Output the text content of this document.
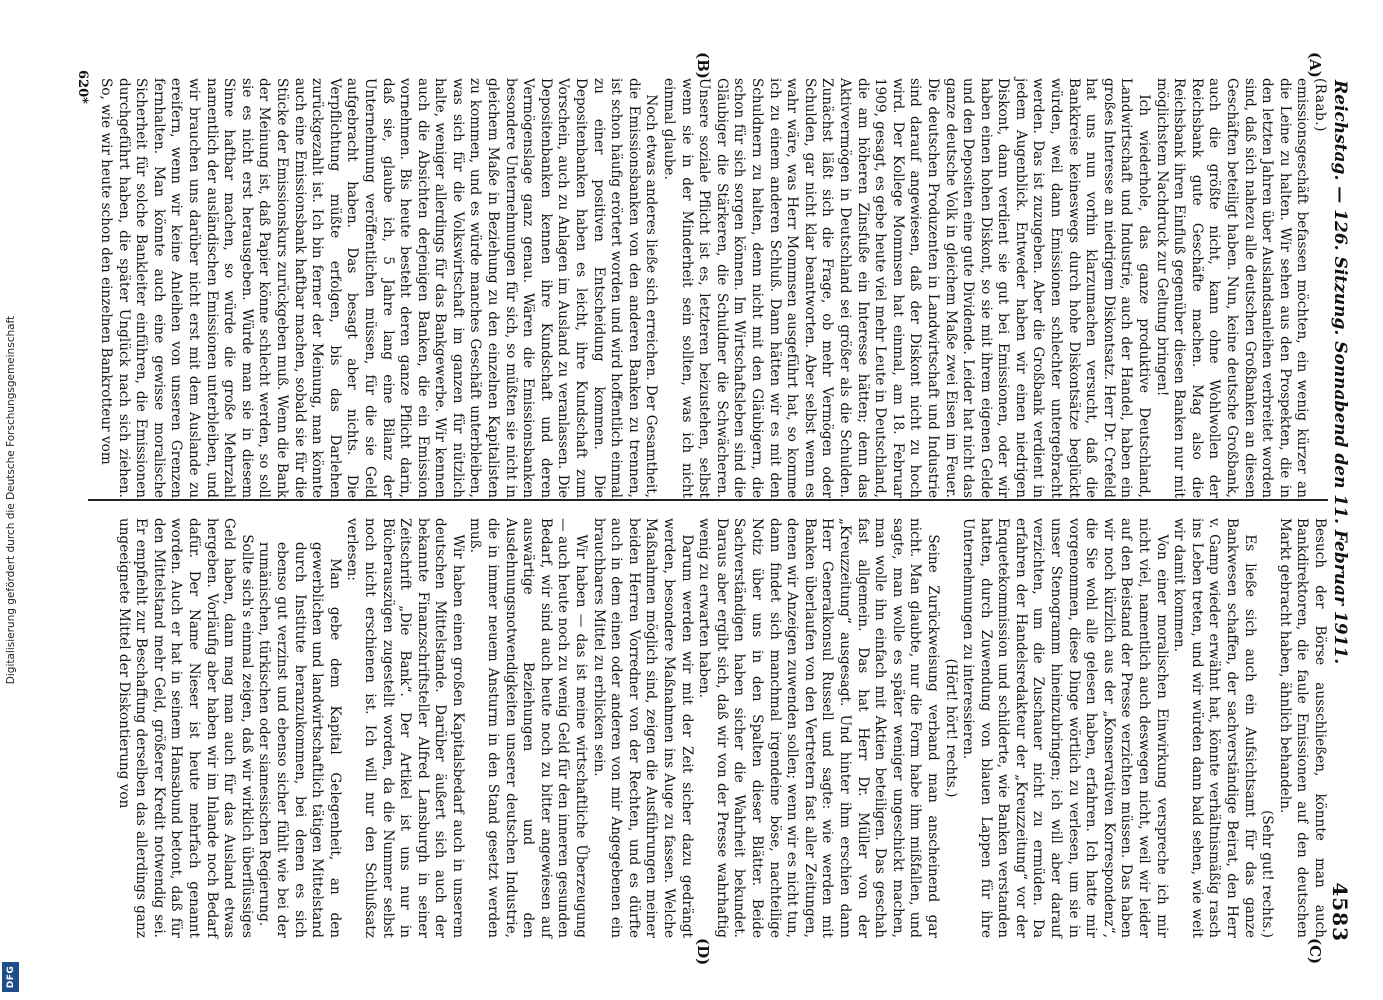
Digitalisierung gefördert durch die Deutsche Forschungsgemeinschaft
DFG
Reichstag. — 126. Sitzung. Sonnabend den 11. Februar 1911.
4583
(A)
(B)
(C)
(D)

(Raab.)

emissionsgeschäft befassen möchten, ein wenig kürzer an die Leine zu halten. Wir sehen aus den Prospekten, die in den letzten Jahren über Auslandsanleihen verbreitet worden sind, daß sich nahezu alle deutschen Großbanken an diesen Geschäften beteiligt haben. Nun, keine deutsche Großbank, auch die größte nicht, kann ohne Wohlwollen der Reichsbank gute Geschäfte machen. Mag also die Reichsbank ihren Einfluß gegenüber diesen Banken nur mit möglichstem Nachdruck zur Geltung bringen!

Ich wiederhole, das ganze produktive Deutschland, Landwirtschaft und Industrie, auch der Handel, haben ein großes Interesse an niedrigem Diskontsatz. Herr Dr. Crefeld hat uns nun vorhin klarzumachen versucht, daß die Bankkreise keineswegs durch hohe Diskontsätze beglückt würden, weil dann Emissionen schlechter untergebracht werden. Das ist zuzugeben. Aber die Großbank verdient in jedem Augenblick. Entweder haben wir einen niedrigen Diskont, dann verdient sie gut bei Emissionen, oder wir haben einen hohen Diskont, so sie mit ihrem eigenen Gelde und den Depositen eine gute Dividende. Leider hat nicht das ganze deutsche Volk in gleichem Maße zwei Eisen im Feuer. Die deutschen Produzenten in Landwirtschaft und Industrie sind darauf angewiesen, daß der Diskont nicht zu hoch wird. Der Kollege Mommsen hat einmal, am 18. Februar 1909, gesagt, es gebe heute viel mehr Leute in Deutschland, die am höheren Zinsfuße ein Interesse hätten; denn das Aktivvermögen in Deutschland sei größer als die Schulden. Zunächst läßt sich die Frage, ob mehr Vermögen oder Schulden, gar nicht klar beantworten. Aber selbst wenn es wahr wäre, was Herr Mommsen ausgeführt hat, so komme ich zu einem anderen Schluß. Dann hätten wir es mit den Schuldnern zu halten, denn nicht mit den Gläubigern, die schon für sich sorgen können. Im Wirtschaftsleben sind die Gläubiger die Stärkeren, die Schuldner die Schwächeren. Unsere soziale Pflicht ist es, letzteren beizustehen, selbst wenn sie in der Minderheit sein sollten, was ich nicht einmal glaube.

Noch etwas anderes ließe sich erreichen. Der Gesamtheit, die Emissionsbanken von den anderen Banken zu trennen, ist schon häufig erörtert worden und wird hoffentlich einmal zu einer positiven Entscheidung kommen. Die Depositenbanken haben es leicht, ihre Kundschaft zum Vorschein, auch zu Anlagen im Ausland zu veranlassen. Die Depositenbanken kennen ihre Kundschaft und deren Vermögenslage ganz genau. Wären die Emissionsbanken besondere Unternehmungen für sich, so müßten sie nicht in gleichem Maße in Beziehung zu den einzelnen Kapitalisten zu kommen, und es würde manches Geschäft unterbleiben, was sich für die Volkswirtschaft im ganzen für nützlich halte, weniger allerdings für das Bankgewerbe. Wir kennen auch die Absichten derjenigen Banken, die ein Emission vornehmen. Bis heute besteht deren ganze Pflicht darin, daß sie, glaube ich, 5 Jahre lang eine Bilanz der Unternehmung veröffentlichen müssen, für die sie Geld aufgebracht haben. Das besagt aber nichts. Die Verpflichtung müßte erfolgen, bis das Darlehen zurückgezahlt ist. Ich bin ferner der Meinung, man könnte auch eine Emissionsbank haftbar machen, sobald sie für die Stücke der Emissionskurs zurückgeben muß. Wenn die Bank der Meinung ist, daß Papier könne schlecht werden, so soll sie es nicht erst herausgeben. Würde man sie in diesem Sinne haftbar machen, so würde die große Mehrzahl namentlich der ausländischen Emissionen unterbleiben, und wir brauchen uns darüber nicht erst mit dem Auslande zu ereifern, wenn wir keine Anleihen von unseren Grenzen fernhalten. Man könnte auch eine gewisse moralische Sicherheit für solche Bankleiter einführen, die Emissionen durchgeführt haben, die später Unglück nach sich ziehen. So, wie wir heute schon den einzelnen Bankrotteur vom

Besuch der Börse ausschließen, könnte man auch Bankdirektoren, die faule Emissionen auf den deutschen Markt gebracht haben, ähnlich behandeln.

(Sehr gut! rechts.)

Es ließe sich auch ein Aufsichtsamt für das ganze Bankwesen schaffen, der sachverständige Beirat, den Herr v. Gamp wieder erwähnt hat, könnte verhältnismäßig rasch ins Leben treten, und wir würden dann bald sehen, wie weit wir damit kommen.

Von einer moralischen Einwirkung verspreche ich mir nicht viel, namentlich auch deswegen nicht, weil wir leider auf den Beistand der Presse verzichten müssen. Das haben wir noch kürzlich aus der „Konservativen Korrespondenz“, die Sie wohl alle gelesen haben, erfahren. Ich hatte mir vorgenommen, diese Dinge wörtlich zu verlesen, um sie in unser Stenogramm hineinzubringen; ich will aber darauf verzichten, um die Zuschauer nicht zu ermüden. Da erfahren der Handelsredakteur der „Kreuzzeitung“ vor der Enquetekommission und schilderte, wie Banken verstanden hatten, durch Zuwendung von blauen Lappen für ihre Unternehmungen zu interessieren.

(Hört! hört! rechts.)

Seine Zurückweisung verband man anscheinend gar nicht. Man glaubte, nur die Form habe ihm mißfallen, und sagte, man wolle es später weniger ungeschickt machen, man wolle ihn einfach mit Aktien beteiligen. Das geschah fast allgemein. Das hat Herr Dr. Müller von der „Kreuzzeitung“ ausgesagt. Und hinter ihm erschien dann Herr Generalkonsul Russell und sagte: wie werden mit Banken überlaufen von den Vertretern fast aller Zeitungen, denen wir Anzeigen zuwenden sollen; wenn wir es nicht tun, dann findet sich manchmal irgendeine böse, nachteilige Notiz über uns in den Spalten dieser Blätter. Beide Sachverständigen haben sicher die Wahrheit bekundet. Daraus aber ergibt sich, daß wir von der Presse wahrhaftig wenig zu erwarten haben.

Darum werden wir mit der Zeit sicher dazu gedrängt werden, besondere Maßnahmen ins Auge zu fassen. Welche Maßnahmen möglich sind, zeigen die Ausführungen meiner beiden Herren Vorredner von der Rechten, und es dürfte auch in dem einen oder anderen von mir Angegebenen ein brauchbares Mittel zu erblicken sein.

Wir haben — das ist meine wirtschaftliche Überzeugung — auch heute noch zu wenig Geld für den inneren gesunden Bedarf, wir sind auch heute noch zu bitter angewiesen auf auswärtige Beziehungen und den Ausdehnungsnotwendigkeiten unserer deutschen Industrie, die in immer neuem Ansturm in den Stand gesetzt werden muß.

Wir haben einen großen Kapitalsbedarf auch in unserem deutschen Mittelstande. Darüber äußert sich auch der bekannte Finanzschriftsteller Alfred Lansburgh in seiner Zeitschrift „Die Bank“. Der Artikel ist uns nur in Bücherauszügen zugestellt worden, da die Nummer selbst noch nicht erschienen ist. Ich will nur den Schlußsatz verlesen:

Man gebe dem Kapital Gelegenheit, an den gewerblichen und landwirtschaftlich tätigen Mittelstand durch Institute heranzukommen, bei denen es sich ebenso gut verzinst und ebenso sicher fühlt wie bei der rumänischen, türkischen oder siamesischen Regierung.

Sollte sich's einmal zeigen, daß wir wirklich überflüssiges Geld haben, dann mag man auch für das Ausland etwas hergeben. Vorläufig aber haben wir im Inlande noch Bedarf dafür. Der Name Nieser ist heute mehrfach genannt worden. Auch er hat in seinem Hansabund betont, daß für den Mittelstand mehr Geld, größerer Kredit notwendig sei. Er empfiehlt zur Beschaffung derselben das allerdings ganz ungeeignete Mittel der Diskontierung von

620*
